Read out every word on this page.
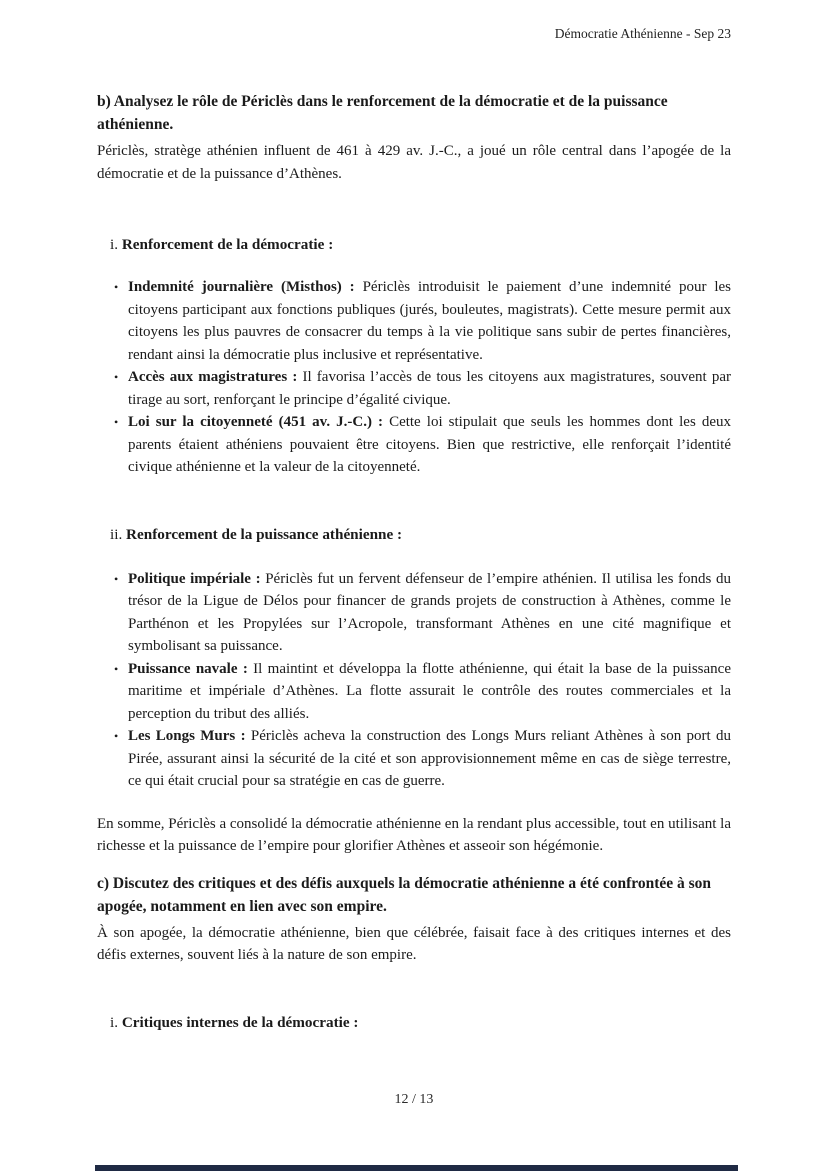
Démocratie Athénienne - Sep 23

b) Analysez le rôle de Périclès dans le renforcement de la démocratie et de la puissance athénienne.

Périclès, stratège athénien influent de 461 à 429 av. J.-C., a joué un rôle central dans l’apogée de la démocratie et de la puissance d’Athènes.

i. Renforcement de la démocratie :
• Indemnité journalière (Misthos) : Périclès introduisit le paiement d’une indemnité pour les citoyens participant aux fonctions publiques (jurés, bouleutes, magistrats). Cette mesure permit aux citoyens les plus pauvres de consacrer du temps à la vie politique sans subir de pertes financières, rendant ainsi la démocratie plus inclusive et représentative.
• Accès aux magistratures : Il favorisa l’accès de tous les citoyens aux magistratures, souvent par tirage au sort, renforçant le principe d’égalité civique.
• Loi sur la citoyenneté (451 av. J.-C.) : Cette loi stipulait que seuls les hommes dont les deux parents étaient athéniens pouvaient être citoyens. Bien que restrictive, elle renforçait l’identité civique athénienne et la valeur de la citoyenneté.
ii. Renforcement de la puissance athénienne :
• Politique impériale : Périclès fut un fervent défenseur de l’empire athénien. Il utilisa les fonds du trésor de la Ligue de Délos pour financer de grands projets de construction à Athènes, comme le Parthénon et les Propylées sur l’Acropole, transformant Athènes en une cité magnifique et symbolisant sa puissance.
• Puissance navale : Il maintint et développa la flotte athénienne, qui était la base de la puissance maritime et impériale d’Athènes. La flotte assurait le contrôle des routes commerciales et la perception du tribut des alliés.
• Les Longs Murs : Périclès acheva la construction des Longs Murs reliant Athènes à son port du Pirée, assurant ainsi la sécurité de la cité et son approvisionnement même en cas de siège terrestre, ce qui était crucial pour sa stratégie en cas de guerre.

En somme, Périclès a consolidé la démocratie athénienne en la rendant plus accessible, tout en utilisant la richesse et la puissance de l’empire pour glorifier Athènes et asseoir son hégémonie.

c) Discutez des critiques et des défis auxquels la démocratie athénienne a été confrontée à son apogée, notamment en lien avec son empire.

À son apogée, la démocratie athénienne, bien que célébrée, faisait face à des critiques internes et des défis externes, souvent liés à la nature de son empire.

i. Critiques internes de la démocratie :
12 / 13
